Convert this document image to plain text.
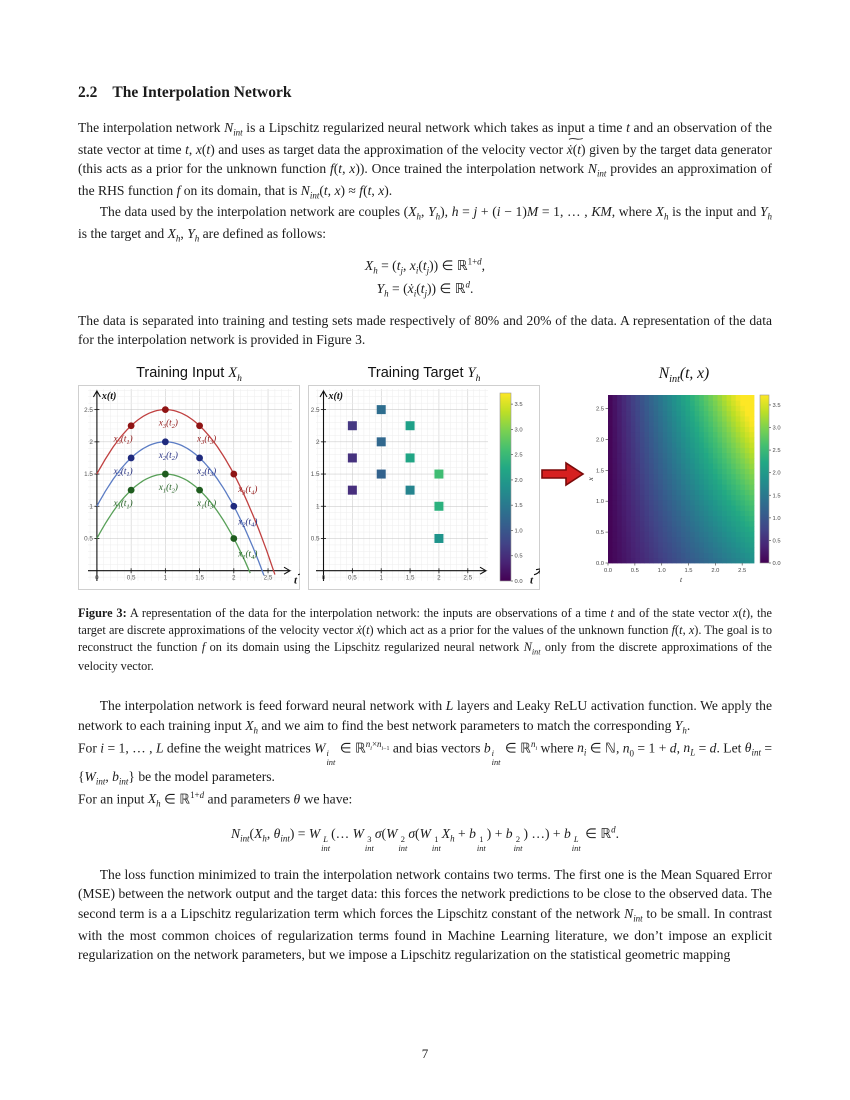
2.2 The Interpolation Network

The interpolation network $N_{int}$ is a Lipschitz regularized neural network which takes as input a time t and an observation of the state vector at time t, x(t) and uses as target data the approximation of the velocity vector ∼ ẋ(t) given by the target data generator (this acts as a prior for the unknown function f(t, x)). Once trained the interpolation network $N_{int}$ provides an approximation of the RHS function f on its domain, that is $N_{int}(t$, x) ≈ f(t, x).

The data used by the interpolation network are couples ($X_h$, $Y_h$), h = j + (i − 1)M = 1, … , KM, where $X_h$ is the input and $Y_h$ is the target and $X_h$, $Y_h$ are defined as follows:

$X_h = (t_j$, $x_i(t_j)$) ∈ ℝ$^{1+d}$,
$Y_h$ = $(ẋ_i(t_j))$ ∈ ℝ$^d$.

The data is separated into training and testing sets made respectively of 80% and 20% of the data. A representation of the data for the interpolation network is provided in Figure 3.

Training Input $X_h$
0	0.5	1	1.5	2	2.5
0.5
1
1.5
2
2.5
x(t)
$x_3(t_1)$
$x_3(t_2)$
$x_3(t_3)$
$x_3(t_4)$
$x_2(t_1)$
$x_2(t_2)$
$x_2(t_3)$
$x_2(t_4)$
$x_1(t_1)$
$x_1(t_2)$
$x_1(t_3)$
$x_1(t_4)$
t
Training Target $Y_h$
0	0.5	1	1.5	2	2.5
0.5
1
1.5
2
2.5
x(t)
0.0
0.5
1.0
1.5
2.0
2.5
3.0
3.5
t
$N_{int}(t$, x)
0.0	0.5	1.0	1.5	2.0	2.5
0.0
0.5
1.0
1.5
2.0
2.5
t
x
0.0
0.5
1.0
1.5
2.0
2.5
3.0
3.5
Figure 3: A representation of the data for the interpolation network: the inputs are observations of a time t and of the state vector x(t), the target are discrete approximations of the velocity vector ẋ(t) which act as a prior for the values of the unknown function f(t, x). The goal is to reconstruct the function f on its domain using the Lipschitz regularized neural network $N_{int}$ only from the discrete approximations of the velocity vector.

The interpolation network is feed forward neural network with L layers and Leaky ReLU activation function. We apply the network to each training input $X_h$ and we aim to find the best network parameters to match the corresponding $Y_h$.

For i = 1, … , L define the weight matrices W i
int
∈ ℝ$^{n_i\times n_{i-1}}$ and bias vectors b i
int
∈ ℝ$^{n_i}$ where $n_i$ ∈ ℕ, $n_0 = 1 + d$, $n_L = d$. Let $\theta_{int} = \{W_{int}$, $b_{int}$} be the model parameters.

For an input $X_h$ ∈ ℝ$^{1+d}$ and parameters θ we have:

$N_{int}(X_h$, $\theta_{int}) = W$ L
int
(… W 3
int
σ(W 2
int
σ(W 1
int
$X_h + b$ 1
int
) + b 2
int
) …) + b L
int
∈ ℝ$^d$.

The loss function minimized to train the interpolation network contains two terms. The first one is the Mean Squared Error (MSE) between the network output and the target data: this forces the network predictions to be close to the observed data. The second term is a a Lipschitz regularization term which forces the Lipschitz constant of the network $N_{int}$ to be small. In contrast with the most common choices of regularization terms found in Machine Learning literature, we don’t impose an explicit regularization on the network parameters, but we impose a Lipschitz regularization on the statistical geometric mapping

7
